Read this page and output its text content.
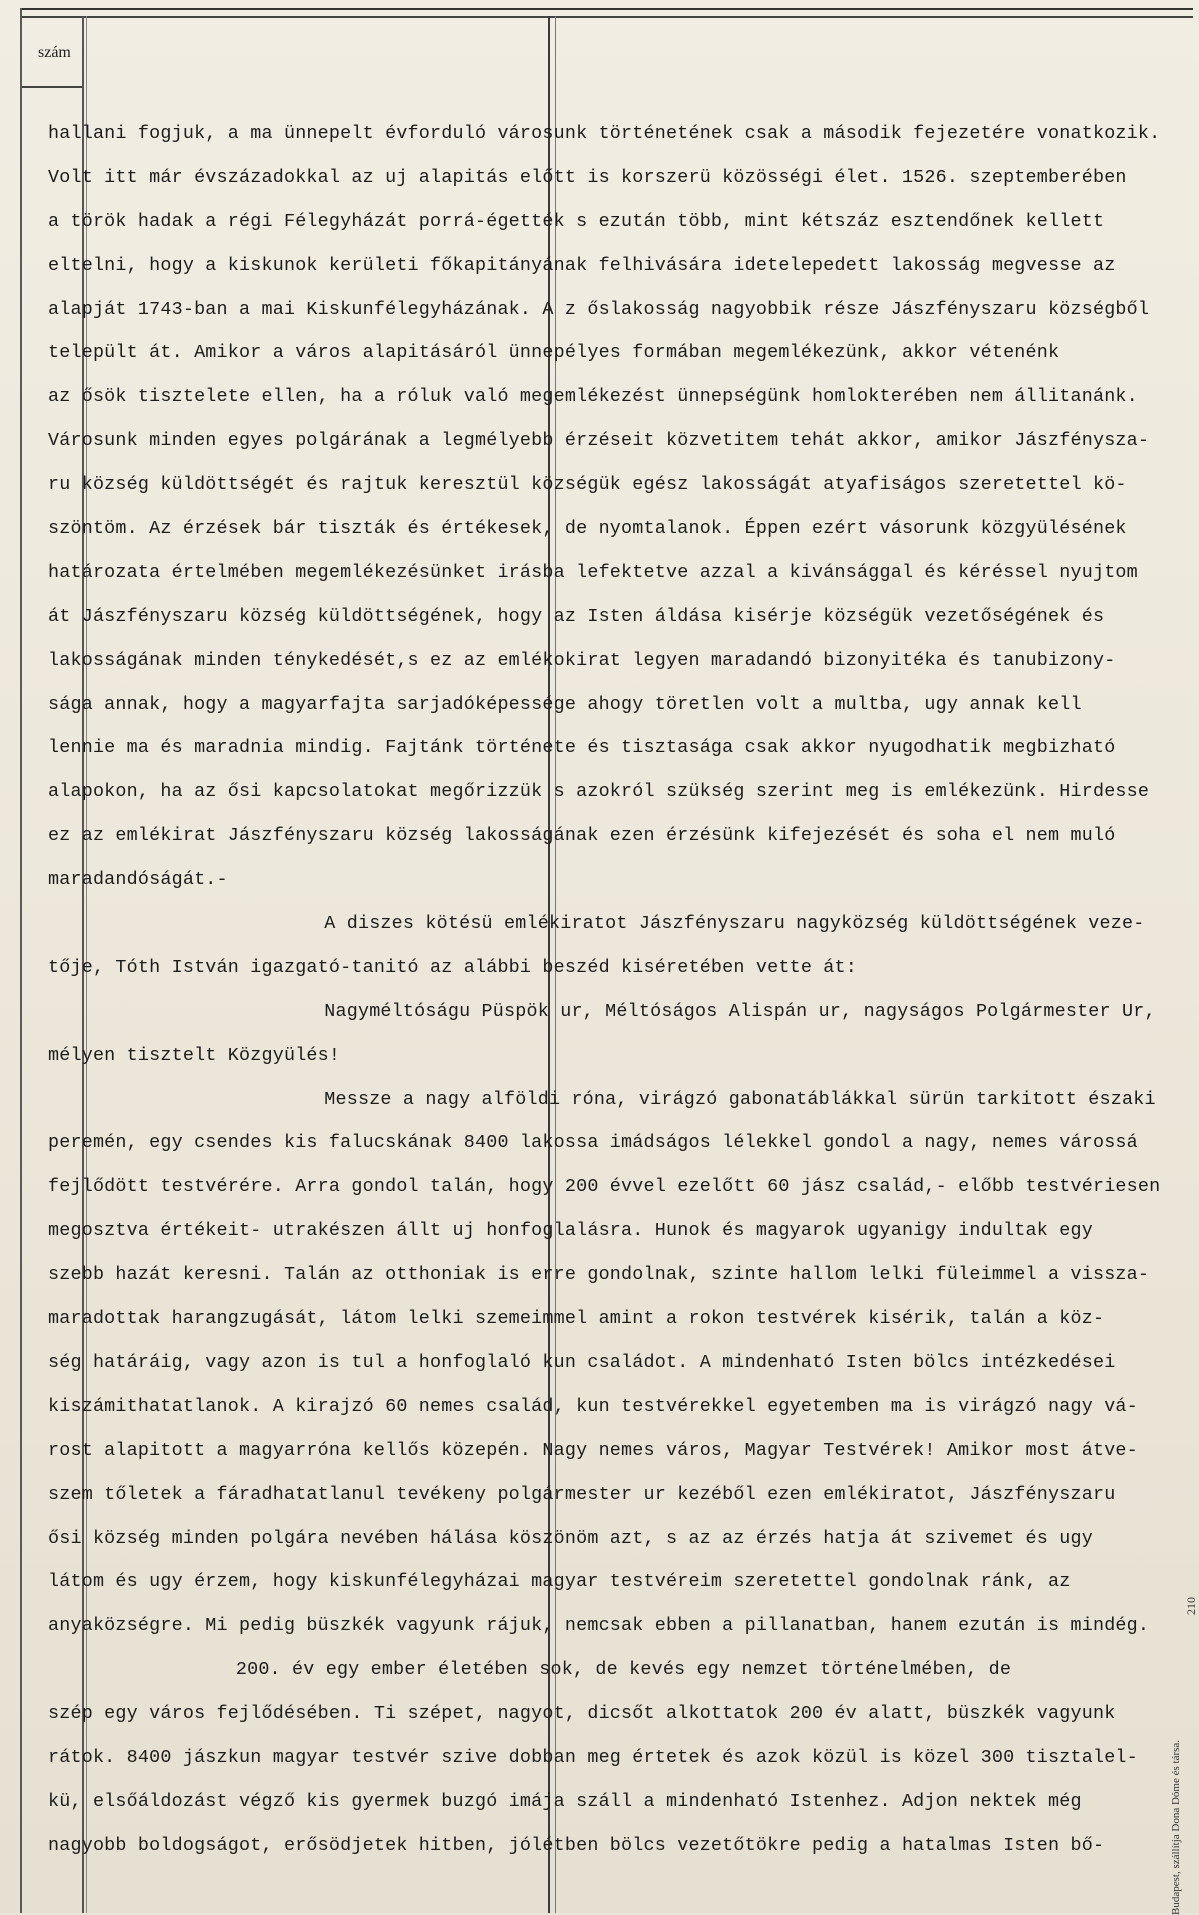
szám
hallani fogjuk, a ma ünnepelt évforduló városunk történetének csak a második fejezetére vonatkozik.
Volt itt már évszázadokkal az uj alapitás előtt is korszerü közösségi élet. 1526. szeptemberében
a török hadak a régi Félegyházát porrá-égették s ezután több, mint kétszáz esztendőnek kellett
eltelni, hogy a kiskunok kerületi főkapitányának felhivására idetelepedett lakosság megvesse az
alapját 1743-ban a mai Kiskunfélegyházának. A z őslakosság nagyobbik része Jászfényszaru községből
települt át. Amikor a város alapitásáról ünnepélyes formában megemlékezünk, akkor vétenénk
az ősök tisztelete ellen, ha a róluk való megemlékezést ünnepségünk homlokterében nem állitanánk.
Városunk minden egyes polgárának a legmélyebb érzéseit közvetitem tehát akkor, amikor Jászfényszа-
ru község küldöttségét és rajtuk keresztül községük egész lakosságát atyafiságos szeretettel kö-
szöntöm. Az érzések bár tiszták és értékesek, de nyomtalanok. Éppen ezért vásorunk közgyülésének
határozata értelmében megemlékezésünket irásba lefektetve azzal a kivánsággal és kéréssel nyujtom
át Jászfényszaru község küldöttségének, hogy az Isten áldása kisérje községük vezetőségének és
lakosságának minden ténykedését,s ez az emlékokirat legyen maradandó bizonyitéka és tanubizony-
sága annak, hogy a magyarfajta sarjadóképessége ahogy töretlen volt a multba, ugy annak kell
lennie ma és maradnia mindig. Fajtánk története és tisztasága csak akkor nyugodhatik megbizható
alapokon, ha az ősi kapcsolatokat megőrizzük s azokról szükség szerint meg is emlékezünk. Hirdesse
ez az emlékirat Jászfényszaru község lakosságának ezen érzésünk kifejezését és soha el nem muló
maradandóságát.-
A diszes kötésü emlékiratot Jászfényszaru nagyközség küldöttségének veze-
tője, Tóth István igazgató-tanitó az alábbi beszéd kiséretében vette át:
Nagyméltóságu Püspök ur, Méltóságos Alispán ur, nagyságos Polgármester Ur,
mélyen tisztelt Közgyülés!
Messze a nagy alföldi róna, virágzó gabonatáblákkal sürün tarkitott északi
peremén, egy csendes kis falucskának 8400 lakossa imádságos lélekkel gondol a nagy, nemes várossá
fejlődött testvérére. Arra gondol talán, hogy 200 évvel ezelőtt 60 jász család,- előbb testvériesen
megosztva értékeit- utrakészen állt uj honfoglalásra. Hunok és magyarok ugyanigy indultak egy
szebb hazát keresni. Talán az otthoniak is erre gondolnak, szinte hallom lelki füleimmel a vissza-
maradottak harangzugását, látom lelki szemeimmel amint a rokon testvérek kisérik, talán a köz-
ség határáig, vagy azon is tul a honfoglaló kun családot. A mindenható Isten bölcs intézkedései
kiszámithatatlanok. A kirajzó 60 nemes család, kun testvérekkel egyetemben ma is virágzó nagy vá-
rost alapitott a magyarróna kellős közepén. Nagy nemes város, Magyar Testvérek! Amikor most átve-
szem tőletek a fáradhatatlanul tevékeny polgármester ur kezéből ezen emlékiratot, Jászfényszaru
ősi község minden polgára nevében hálása köszönöm azt, s az az érzés hatja át szivemet és ugy
látom és ugy érzem, hogy kiskunfélegyházai magyar testvéreim szeretettel gondolnak ránk, az
anyaközségre. Mi pedig büszkék vagyunk rájuk, nemcsak ebben a pillanatban, hanem ezután is mindég.
200. év egy ember életében sok, de kevés egy nemzet történelmében, de
szép egy város fejlődésében. Ti szépet, nagyot, dicsőt alkottatok 200 év alatt, büszkék vagyunk
rátok. 8400 jászkun magyar testvér szive dobban meg értetek és azok közül is közel 300 tisztalel-
kü, elsőáldozást végző kis gyermek buzgó imája száll a mindenható Istenhez. Adjon nektek még
nagyobb boldogságot, erősödjetek hitben, jólétben bölcs vezetőtökre pedig a hatalmas Isten bő-	Budapest, szállítja Dona Dóme és társa.
210
